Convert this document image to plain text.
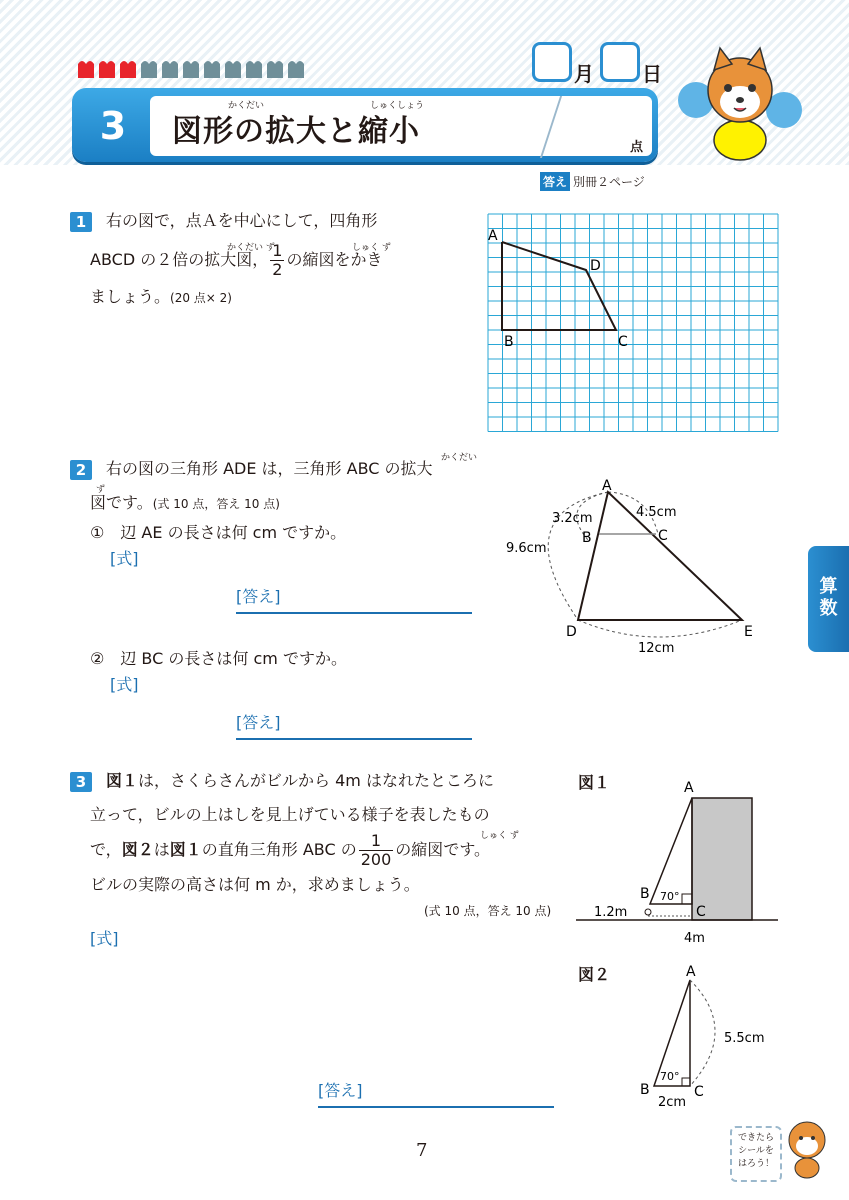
月 日
3	図形の拡大と縮小
かくだい	しゅくしょう
点
答え 別冊２ページ
1	右の図で，点Ａを中心にして，四角形
ABCD の２倍の拡大図， $\frac{1}{2}$ の縮図をかき
かくだい ず	しゅく ず
ましょう。(20 点× 2)
A
B	C
D
2	右の図の三角形 ADE は，三角形 ABC の拡大
かくだい
図です。(式 10 点，答え 10 点)
ず
①　辺 AE の長さは何 cm ですか。
[式]
[答え]
②　辺 BC の長さは何 cm ですか。
[式]
[答え]
A
B	C
D	E
3.2cm	4.5cm
9.6cm
12cm
3	図１は，さくらさんがビルから 4m はなれたところに
立って，ビルの上はしを見上げている様子を表したもの
で，図２は図１の直角三角形 ABC の $\frac{1}{200}$ の縮図です。
しゅく ず
ビルの実際の高さは何 m か，求めましょう。
(式 10 点，答え 10 点)
[式]
[答え]
図１	A
B
C
70°
1.2m
4m
図２	A
B	C
70°
5.5cm
2cm
算
数
7
できたら
シールを
はろう！
